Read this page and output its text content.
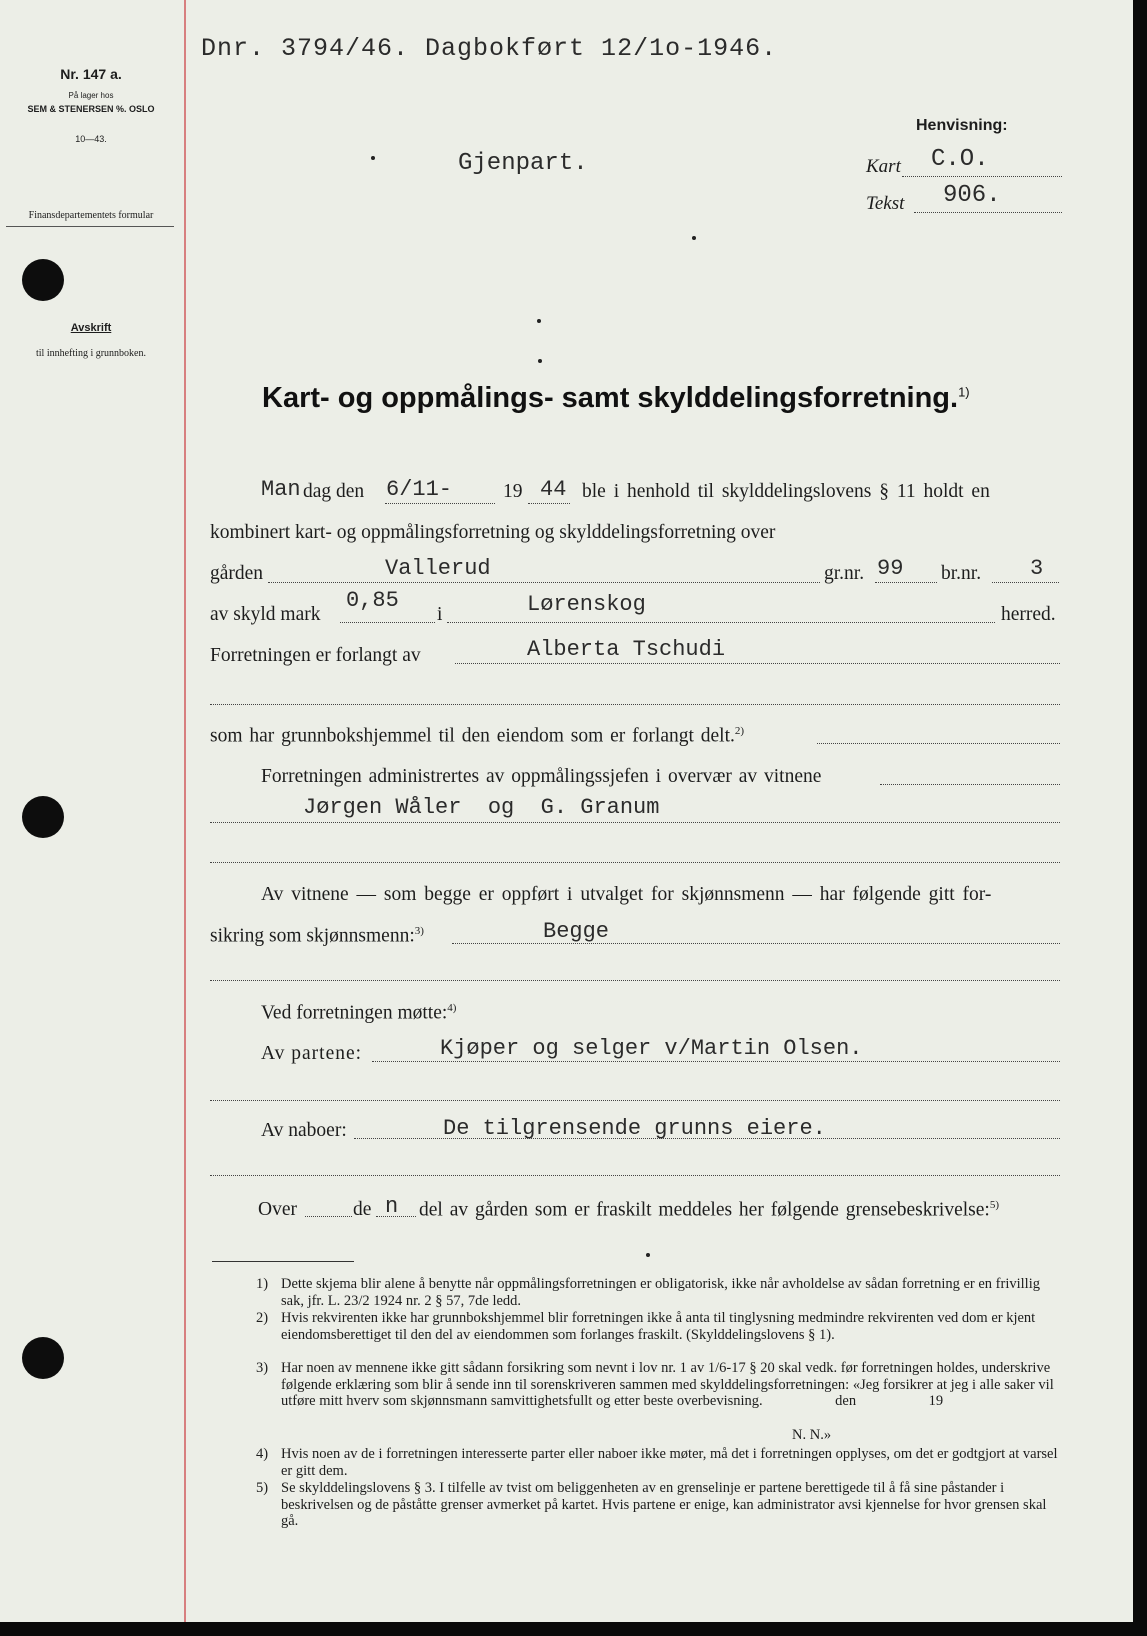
Nr. 147 a.
På lager hos
SEM & STENERSEN %. OSLO
10—43.
Finansdepartementets formular
Avskrift
til innhefting i grunnboken.
Dnr. 3794/46. Dagbokført 12/1o-1946.
Henvisning:
Kart C.O.
Tekst 906.
Gjenpart.
Kart- og oppmålings- samt skylddelingsforretning.$^{1)}$
Man dag den 6/11-	19 44 ble i henhold til skylddelingslovens § 11 holdt en
kombinert kart- og oppmålingsforretning og skylddelingsforretning over
gården	Vallerud	gr.nr. 99 br.nr. 3
av skyld mark
0,85
i	Lørenskog	herred.
Forretningen er forlangt av	Alberta Tschudi
som har grunnbokshjemmel til den eiendom som er forlangt delt.$^{2)}$
Forretningen administrertes av oppmålingssjefen i overvær av vitnene
Jørgen Wåler  og  G. Granum
Av vitnene — som begge er oppført i utvalget for skjønnsmenn — har følgende gitt for-
sikring som skjønnsmenn:$^{3)}$	Begge
Ved forretningen møtte:$^{4)}$
Av partene:	Kjøper og selger v/Martin Olsen.
Av naboer:	De tilgrensende grunns eiere.
Over	de n del av gården som er fraskilt meddeles her følgende grensebeskrivelse:$^{5)}$
1) Dette skjema blir alene å benytte når oppmålingsforretningen er obligatorisk, ikke når avholdelse av sådan forretning er en frivillig sak, jfr. L. 23/2 1924 nr. 2 § 57, 7de ledd.
2) Hvis rekvirenten ikke har grunnbokshjemmel blir forretningen ikke å anta til tinglysning medmindre rekvirenten ved dom er kjent eiendomsberettiget til den del av eiendommen som forlanges fraskilt. (Skylddelingslovens § 1).
3) Har noen av mennene ikke gitt sådann forsikring som nevnt i lov nr. 1 av 1/6-17 § 20 skal vedk. før forretningen holdes, underskrive følgende erklæring som blir å sende inn til sorenskriveren sammen med skylddelingsforretningen: «Jeg forsikrer at jeg i alle saker vil utføre mitt hverv som skjønnsmann samvittighetsfullt og etter beste overbevisning.                    den                    19
N. N.»
4) Hvis noen av de i forretningen interesserte parter eller naboer ikke møter, må det i forretningen opplyses, om det er godtgjort at varsel er gitt dem.
5) Se skylddelingslovens § 3. I tilfelle av tvist om beliggenheten av en grenselinje er partene berettigede til å få sine påstander i beskrivelsen og de påståtte grenser avmerket på kartet. Hvis partene er enige, kan administrator avsi kjennelse for hvor grensen skal gå.
